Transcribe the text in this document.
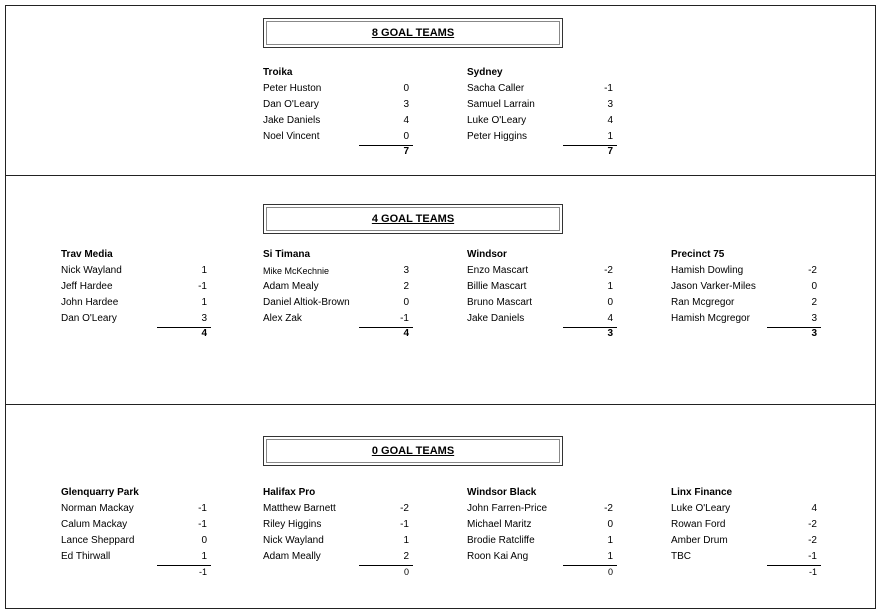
8 GOAL TEAMS
Troika
Peter Huston	0
Dan O'Leary	3
Jake Daniels	4
Noel Vincent	0
7
Sydney
Sacha Caller	-1
Samuel Larrain	3
Luke O'Leary	4
Peter Higgins	1
7
4 GOAL TEAMS
Trav Media
Nick Wayland	1
Jeff Hardee	-1
John Hardee	1
Dan O'Leary	3
4
Si Timana
Mike McKechnie	3
Adam Mealy	2
Daniel Altiok-Brown	0
Alex Zak	-1
4
Windsor
Enzo Mascart	-2
Billie Mascart	1
Bruno Mascart	0
Jake Daniels	4
3
Precinct 75
Hamish Dowling	-2
Jason Varker-Miles	0
Ran Mcgregor	2
Hamish Mcgregor	3
3
0 GOAL TEAMS
Glenquarry Park
Norman Mackay	-1
Calum Mackay	-1
Lance Sheppard	0
Ed Thirwall	1
-1
Halifax Pro
Matthew Barnett	-2
Riley Higgins	-1
Nick Wayland	1
Adam Meally	2
0
Windsor Black
John Farren-Price	-2
Michael Maritz	0
Brodie Ratcliffe	1
Roon Kai Ang	1
0
Linx Finance
Luke O'Leary	4
Rowan Ford	-2
Amber Drum	-2
TBC	-1
-1
